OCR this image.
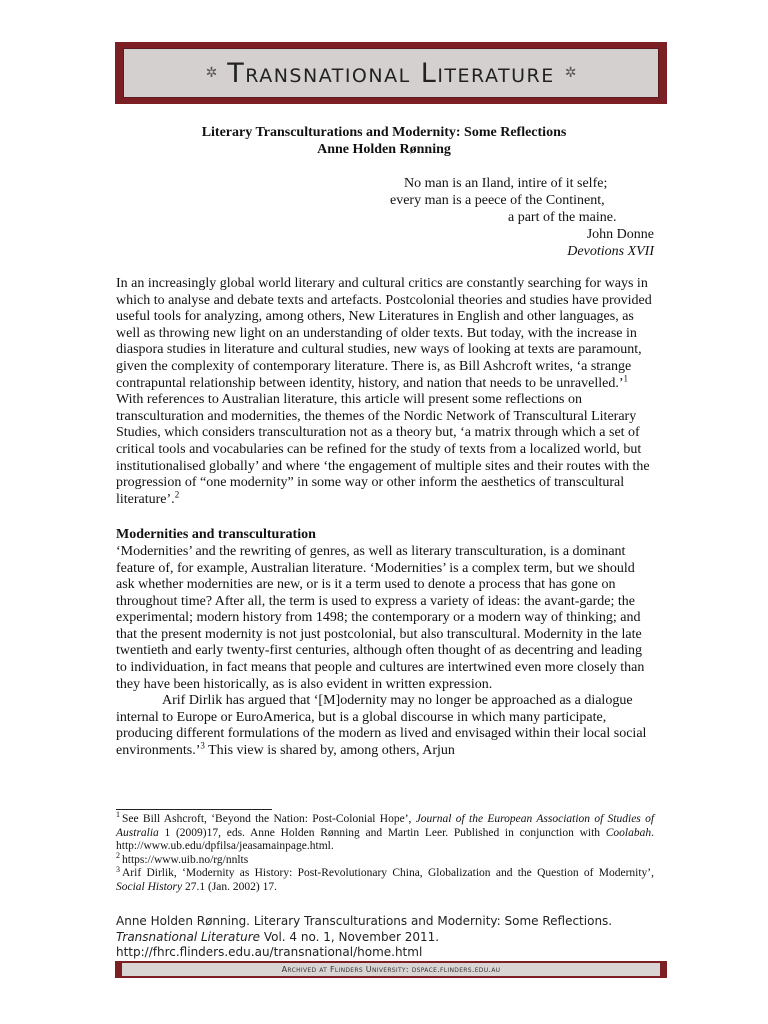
✲ Transnational Literature ✲
Literary Transculturations and Modernity: Some Reflections
Anne Holden Rønning
No man is an Iland, intire of it selfe;
every man is a peece of the Continent,
a part of the maine.
John Donne
Devotions XVII

In an increasingly global world literary and cultural critics are constantly searching for ways in which to analyse and debate texts and artefacts. Postcolonial theories and studies have provided useful tools for analyzing, among others, New Literatures in English and other languages, as well as throwing new light on an understanding of older texts. But today, with the increase in diaspora studies in literature and cultural studies, new ways of looking at texts are paramount, given the complexity of contemporary literature. There is, as Bill Ashcroft writes, ‘a strange contrapuntal relationship between identity, history, and nation that needs to be unravelled.’$^1$ With references to Australian literature, this article will present some reflections on transculturation and modernities, the themes of the Nordic Network of Transcultural Literary Studies, which considers transculturation not as a theory but, ‘a matrix through which a set of critical tools and vocabularies can be refined for the study of texts from a localized world, but institutionalised globally’ and where ‘the engagement of multiple sites and their routes with the progression of “one modernity” in some way or other inform the aesthetics of transcultural literature’.$^2$

Modernities and transculturation

‘Modernities’ and the rewriting of genres, as well as literary transculturation, is a dominant feature of, for example, Australian literature. ‘Modernities’ is a complex term, but we should ask whether modernities are new, or is it a term used to denote a process that has gone on throughout time? After all, the term is used to express a variety of ideas: the avant-garde; the experimental; modern history from 1498; the contemporary or a modern way of thinking; and that the present modernity is not just postcolonial, but also transcultural. Modernity in the late twentieth and early twenty-first centuries, although often thought of as decentring and leading to individuation, in fact means that people and cultures are intertwined even more closely than they have been historically, as is also evident in written expression.

Arif Dirlik has argued that ‘[M]odernity may no longer be approached as a dialogue internal to Europe or EuroAmerica, but is a global discourse in which many participate, producing different formulations of the modern as lived and envisaged within their local social environments.’$^3$ This view is shared by, among others, Arjun

$^1$ See Bill Ashcroft, ‘Beyond the Nation: Post-Colonial Hope’, Journal of the European Association of Studies of Australia 1 (2009)17, eds. Anne Holden Rønning and Martin Leer. Published in conjunction with Coolabah. http://www.ub.edu/dpfilsa/jeasamainpage.html.

$^2$ https://www.uib.no/rg/nnlts

$^3$ Arif Dirlik, ‘Modernity as History: Post-Revolutionary China, Globalization and the Question of Modernity’, Social History 27.1 (Jan. 2002) 17.

Anne Holden Rønning. Literary Transculturations and Modernity: Some Reflections.
Transnational Literature Vol. 4 no. 1, November 2011.
http://fhrc.flinders.edu.au/transnational/home.html
Archived at Flinders University: dspace.flinders.edu.au
